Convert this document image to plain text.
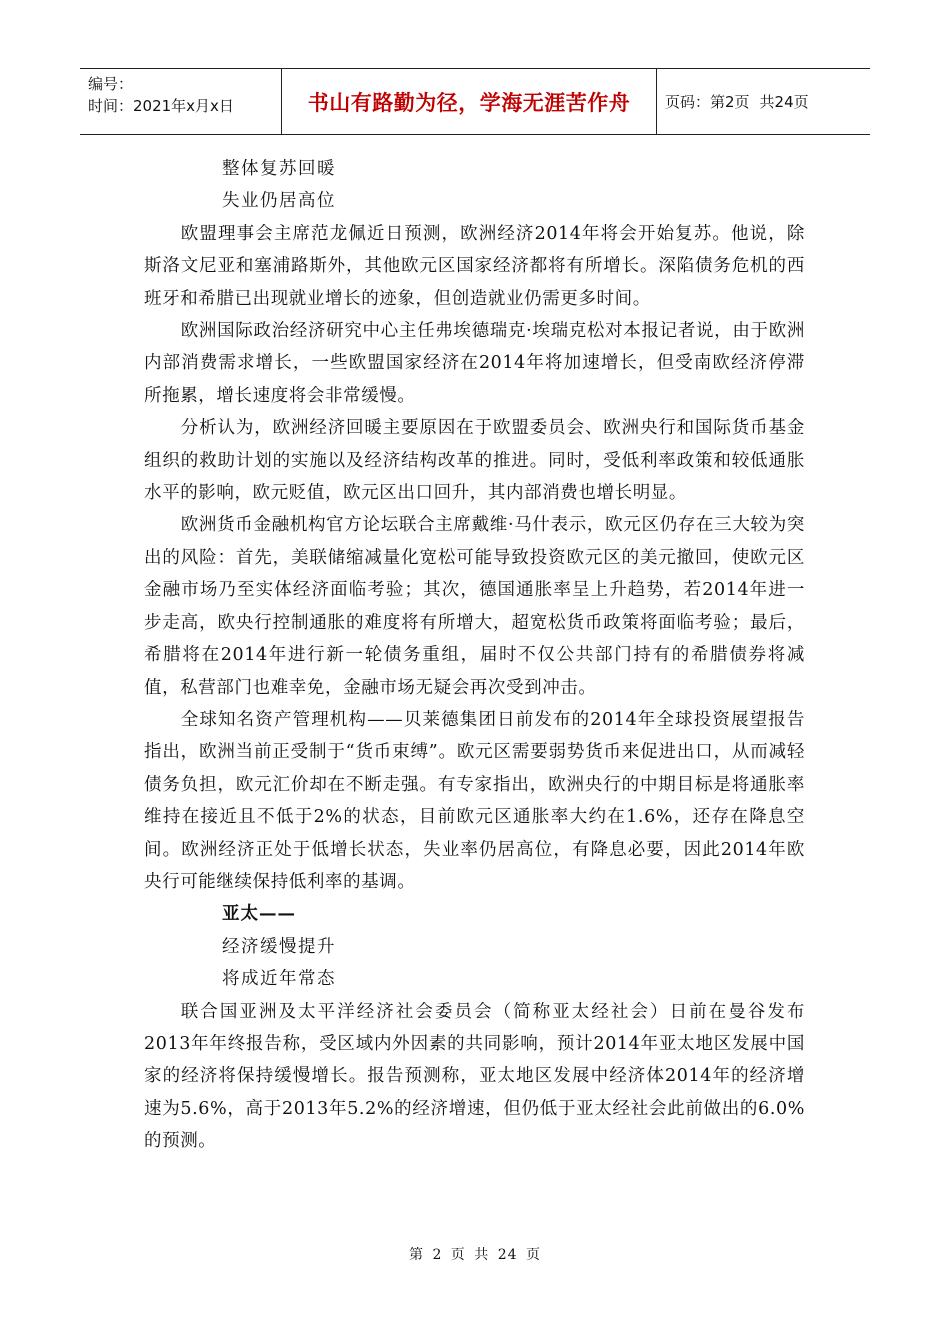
编号：
时间：2021年x月x日	书山有路勤为径，学海无涯苦作舟 页码：第2页 共24页

整体复苏回暖

失业仍居高位

欧盟理事会主席范龙佩近日预测，欧洲经济2014年将会开始复苏。他说，除斯洛文尼亚和塞浦路斯外，其他欧元区国家经济都将有所增长。深陷债务危机的西班牙和希腊已出现就业增长的迹象，但创造就业仍需更多时间。

欧洲国际政治经济研究中心主任弗埃德瑞克·埃瑞克松对本报记者说，由于欧洲内部消费需求增长，一些欧盟国家经济在2014年将加速增长，但受南欧经济停滞所拖累，增长速度将会非常缓慢。

分析认为，欧洲经济回暖主要原因在于欧盟委员会、欧洲央行和国际货币基金组织的救助计划的实施以及经济结构改革的推进。同时，受低利率政策和较低通胀水平的影响，欧元贬值，欧元区出口回升，其内部消费也增长明显。

欧洲货币金融机构官方论坛联合主席戴维·马什表示，欧元区仍存在三大较为突出的风险：首先，美联储缩减量化宽松可能导致投资欧元区的美元撤回，使欧元区金融市场乃至实体经济面临考验；其次，德国通胀率呈上升趋势，若2014年进一步走高，欧央行控制通胀的难度将有所增大，超宽松货币政策将面临考验；最后，希腊将在2014年进行新一轮债务重组，届时不仅公共部门持有的希腊债券将减值，私营部门也难幸免，金融市场无疑会再次受到冲击。

全球知名资产管理机构——贝莱德集团日前发布的2014年全球投资展望报告指出，欧洲当前正受制于“货币束缚”。欧元区需要弱势货币来促进出口，从而减轻债务负担，欧元汇价却在不断走强。有专家指出，欧洲央行的中期目标是将通胀率维持在接近且不低于2%的状态，目前欧元区通胀率大约在1.6%，还存在降息空间。欧洲经济正处于低增长状态，失业率仍居高位，有降息必要，因此2014年欧央行可能继续保持低利率的基调。

亚太——

经济缓慢提升

将成近年常态

联合国亚洲及太平洋经济社会委员会（简称亚太经社会）日前在曼谷发布2013年年终报告称，受区域内外因素的共同影响，预计2014年亚太地区发展中国家的经济将保持缓慢增长。报告预测称，亚太地区发展中经济体2014年的经济增速为5.6%，高于2013年5.2%的经济增速，但仍低于亚太经社会此前做出的6.0%的预测。

第 2 页 共 24 页
